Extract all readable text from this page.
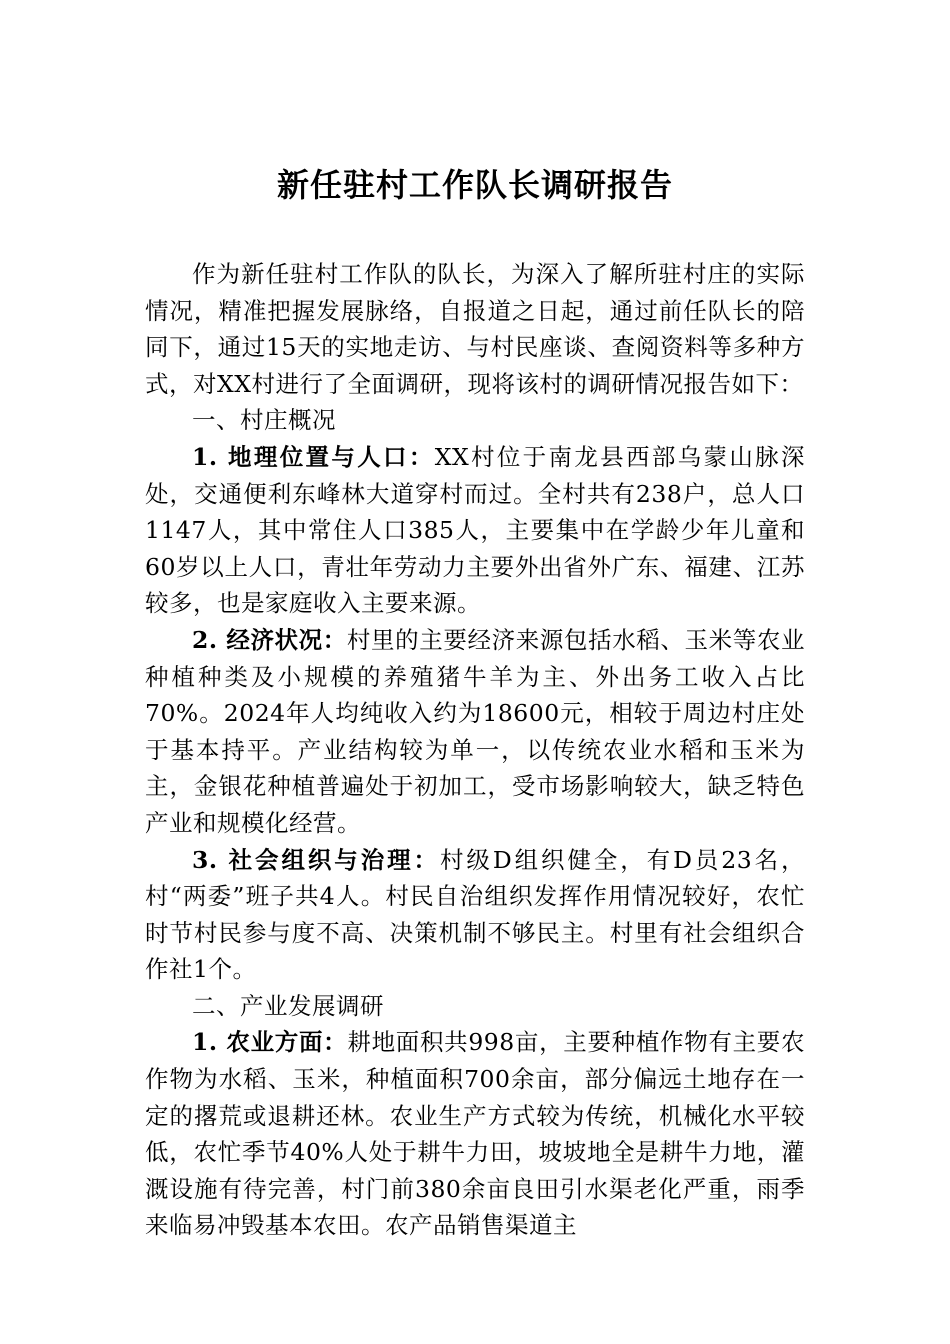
新任驻村工作队长调研报告

作为新任驻村工作队的队长，为深入了解所驻村庄的实际情况，精准把握发展脉络，自报道之日起，通过前任队长的陪同下，通过15天的实地走访、与村民座谈、查阅资料等多种方式，对XX村进行了全面调研，现将该村的调研情况报告如下：

一、村庄概况

1. 地理位置与人口：XX村位于南龙县西部乌蒙山脉深处，交通便利东峰林大道穿村而过。全村共有238户，总人口1147人，其中常住人口385人，主要集中在学龄少年儿童和60岁以上人口，青壮年劳动力主要外出省外广东、福建、江苏较多，也是家庭收入主要来源。

2. 经济状况：村里的主要经济来源包括水稻、玉米等农业种植种类及小规模的养殖猪牛羊为主、外出务工收入占比70%。2024年人均纯收入约为18600元，相较于周边村庄处于基本持平。产业结构较为单一，以传统农业水稻和玉米为主，金银花种植普遍处于初加工，受市场影响较大，缺乏特色产业和规模化经营。

3. 社会组织与治理：村级D组织健全，有D员23名，村“两委”班子共4人。村民自治组织发挥作用情况较好，农忙时节村民参与度不高、决策机制不够民主。村里有社会组织合作社1个。

二、产业发展调研

1. 农业方面：耕地面积共998亩，主要种植作物有主要农作物为水稻、玉米，种植面积700余亩，部分偏远土地存在一定的撂荒或退耕还林。农业生产方式较为传统，机械化水平较低，农忙季节40%人处于耕牛力田，坡坡地全是耕牛力地，灌溉设施有待完善，村门前380余亩良田引水渠老化严重，雨季来临易冲毁基本农田。农产品销售渠道主
